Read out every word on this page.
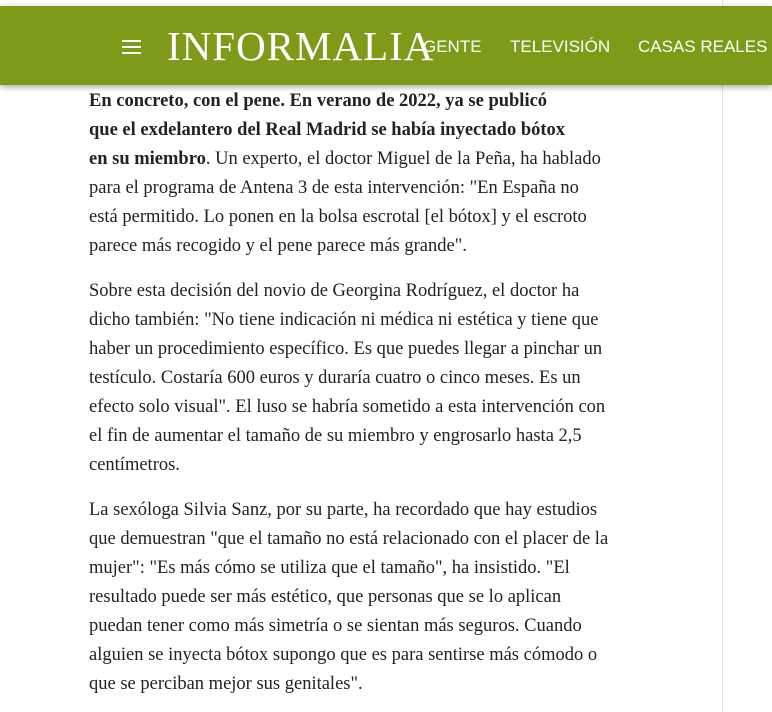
INFORMALIA
GENTE TELEVISIÓN CASAS REALES

En concreto, con el pene. En verano de 2022, ya se publicó
que el exdelantero del Real Madrid se había inyectado bótox
en su miembro. Un experto, el doctor Miguel de la Peña, ha hablado
para el programa de Antena 3 de esta intervención: "En España no
está permitido. Lo ponen en la bolsa escrotal [el bótox] y el escroto
parece más recogido y el pene parece más grande".

Sobre esta decisión del novio de Georgina Rodríguez, el doctor ha
dicho también: "No tiene indicación ni médica ni estética y tiene que
haber un procedimiento específico. Es que puedes llegar a pinchar un
testículo. Costaría 600 euros y duraría cuatro o cinco meses. Es un
efecto solo visual". El luso se habría sometido a esta intervención con
el fin de aumentar el tamaño de su miembro y engrosarlo hasta 2,5
centímetros.

La sexóloga Silvia Sanz, por su parte, ha recordado que hay estudios
que demuestran "que el tamaño no está relacionado con el placer de la
mujer": "Es más cómo se utiliza que el tamaño", ha insistido. "El
resultado puede ser más estético, que personas que se lo aplican
puedan tener como más simetría o se sientan más seguros. Cuando
alguien se inyecta bótox supongo que es para sentirse más cómodo o
que se perciban mejor sus genitales".
